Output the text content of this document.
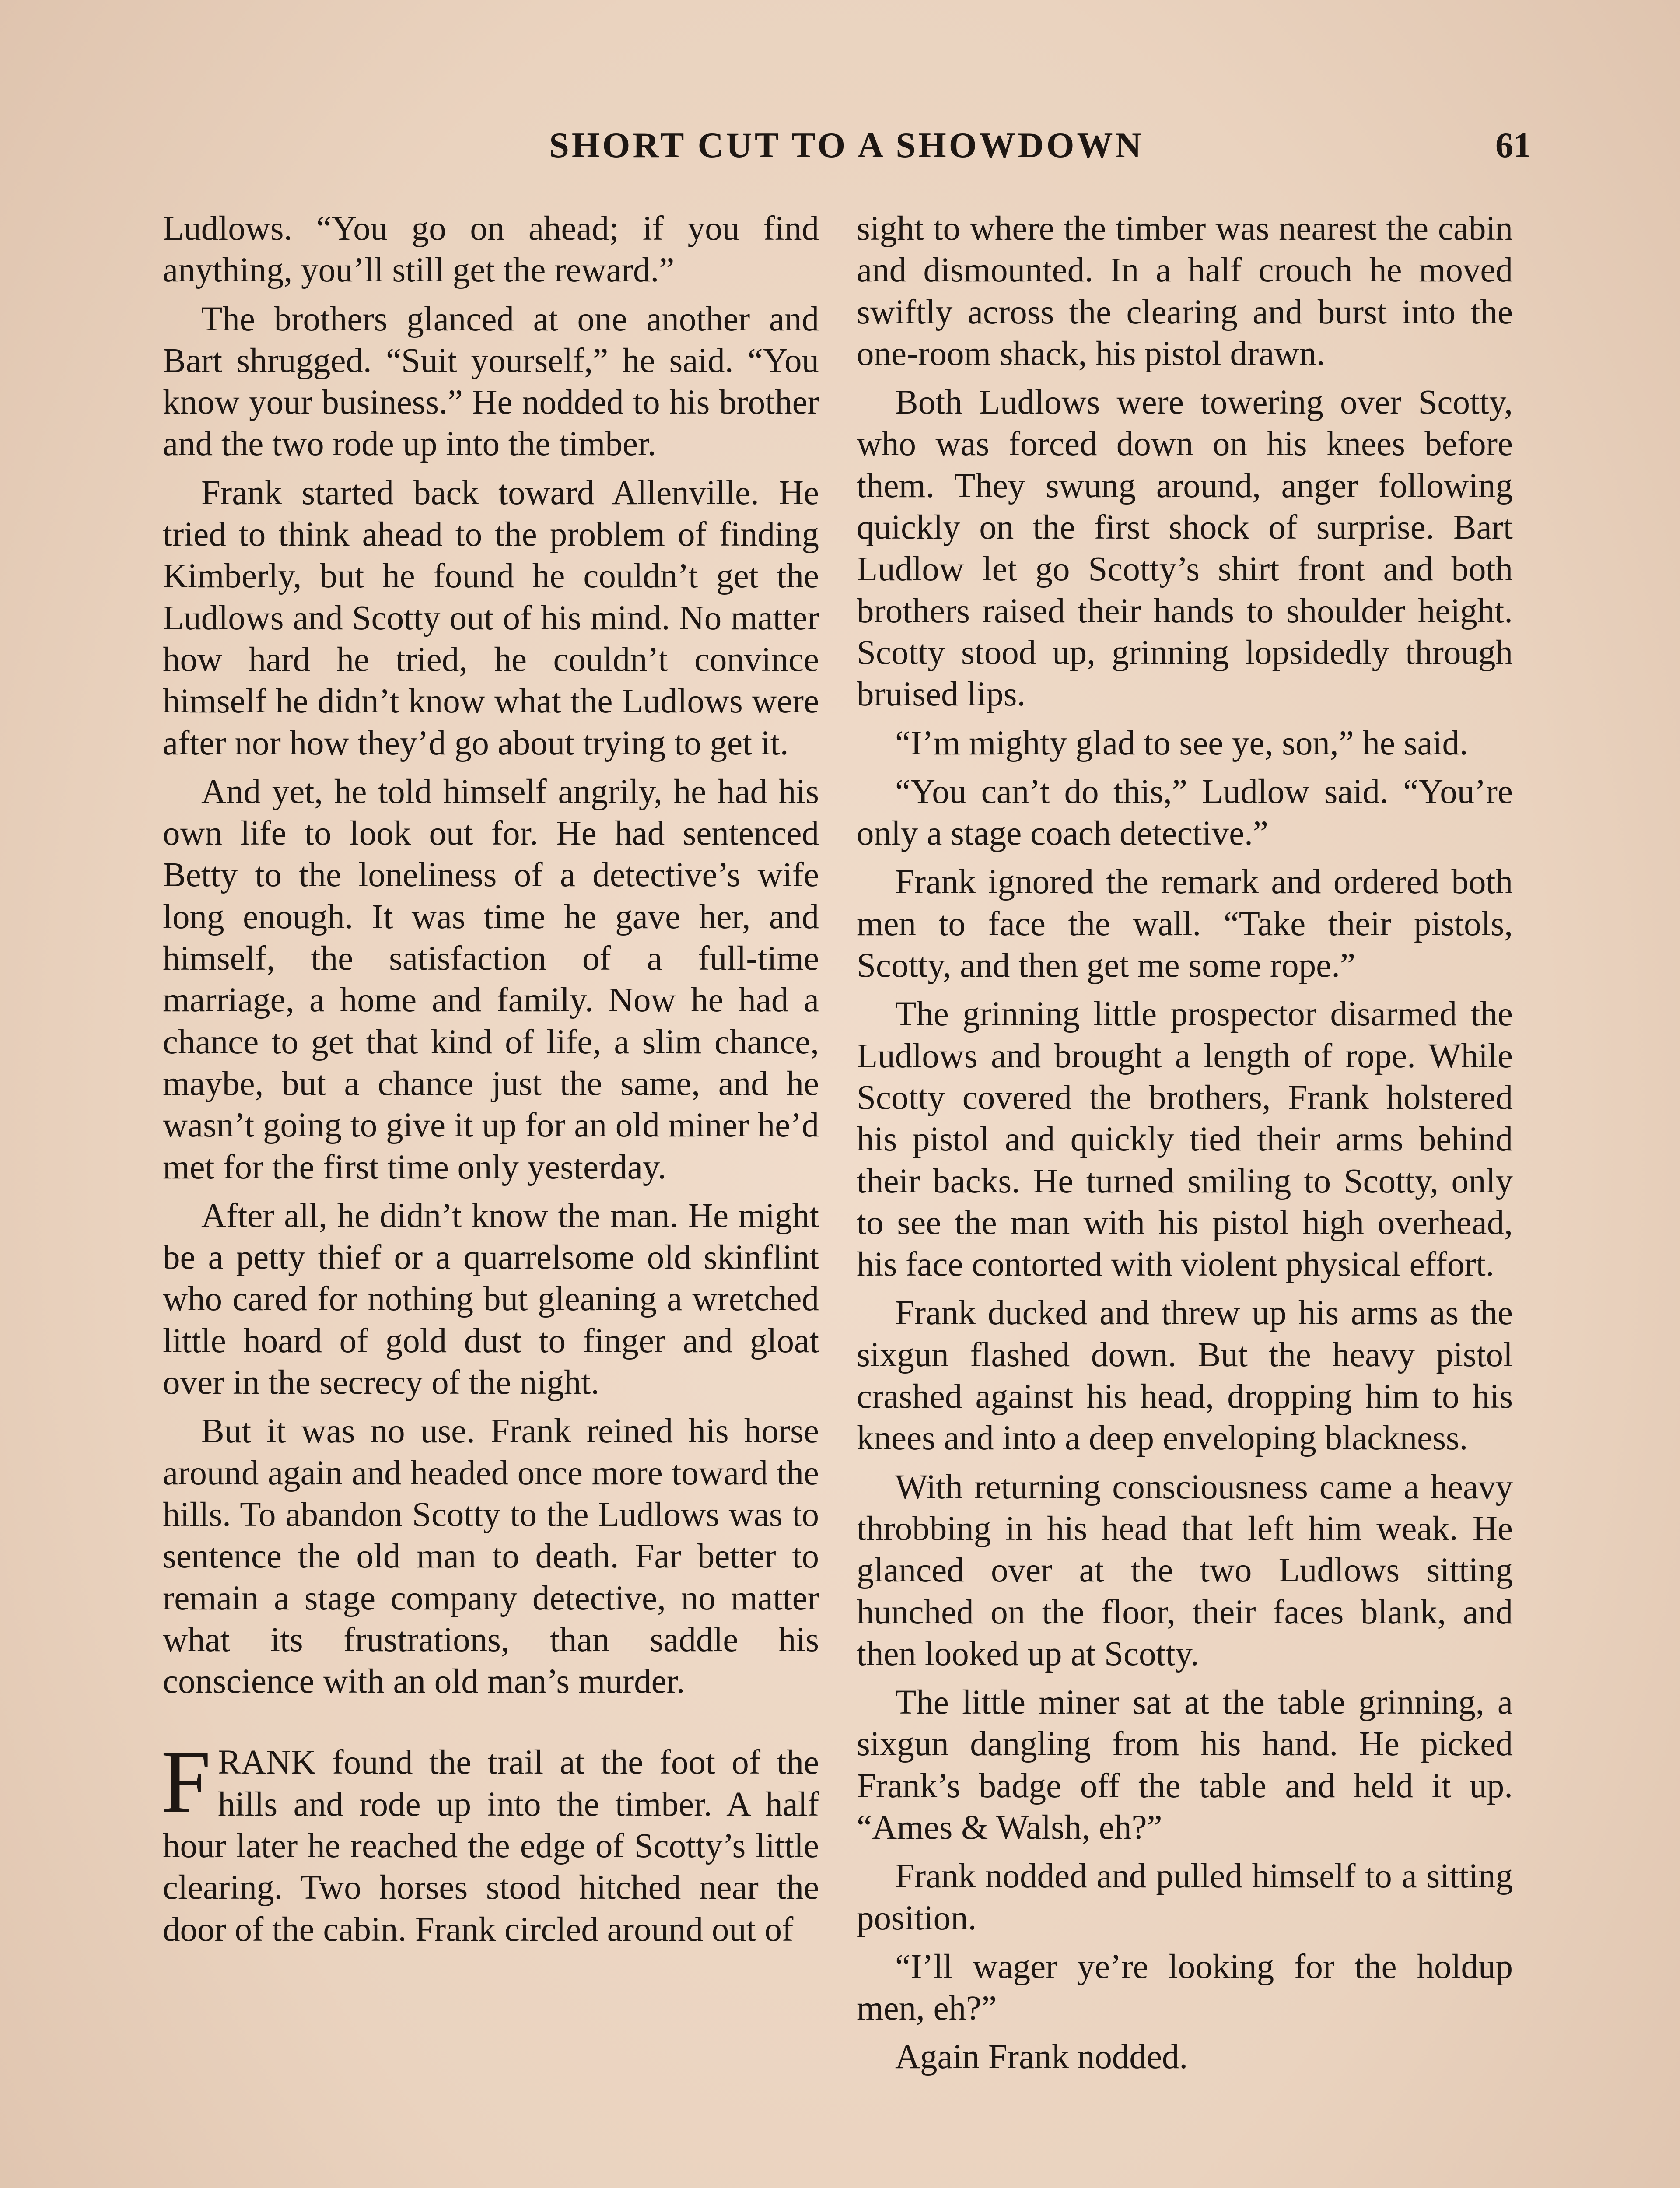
SHORT CUT TO A SHOWDOWN	61

Ludlows. “You go on ahead; if you find anything, you’ll still get the reward.”

The brothers glanced at one another and Bart shrugged. “Suit yourself,” he said. “You know your business.” He nodded to his brother and the two rode up into the timber.

Frank started back toward Allenville. He tried to think ahead to the problem of finding Kimberly, but he found he couldn’t get the Ludlows and Scotty out of his mind. No matter how hard he tried, he couldn’t convince himself he didn’t know what the Ludlows were after nor how they’d go about trying to get it.

And yet, he told himself angrily, he had his own life to look out for. He had sentenced Betty to the loneliness of a detective’s wife long enough. It was time he gave her, and himself, the satisfaction of a full-time marriage, a home and family. Now he had a chance to get that kind of life, a slim chance, maybe, but a chance just the same, and he wasn’t going to give it up for an old miner he’d met for the first time only yesterday.

After all, he didn’t know the man. He might be a petty thief or a quarrelsome old skinflint who cared for nothing but gleaning a wretched little hoard of gold dust to finger and gloat over in the secrecy of the night.

But it was no use. Frank reined his horse around again and headed once more toward the hills. To abandon Scotty to the Ludlows was to sentence the old man to death. Far better to remain a stage company detective, no matter what its frustrations, than saddle his conscience with an old man’s murder.

FRANK found the trail at the foot of the hills and rode up into the timber. A half hour later he reached the edge of Scotty’s little clearing. Two horses stood hitched near the door of the cabin. Frank circled around out of

sight to where the timber was nearest the cabin and dismounted. In a half crouch he moved swiftly across the clearing and burst into the one-room shack, his pistol drawn.

Both Ludlows were towering over Scotty, who was forced down on his knees before them. They swung around, anger following quickly on the first shock of surprise. Bart Ludlow let go Scotty’s shirt front and both brothers raised their hands to shoulder height. Scotty stood up, grinning lopsidedly through bruised lips.

“I’m mighty glad to see ye, son,” he said.

“You can’t do this,” Ludlow said. “You’re only a stage coach detective.”

Frank ignored the remark and ordered both men to face the wall. “Take their pistols, Scotty, and then get me some rope.”

The grinning little prospector disarmed the Ludlows and brought a length of rope. While Scotty covered the brothers, Frank holstered his pistol and quickly tied their arms behind their backs. He turned smiling to Scotty, only to see the man with his pistol high overhead, his face contorted with violent physical effort.

Frank ducked and threw up his arms as the sixgun flashed down. But the heavy pistol crashed against his head, dropping him to his knees and into a deep enveloping blackness.

With returning consciousness came a heavy throbbing in his head that left him weak. He glanced over at the two Ludlows sitting hunched on the floor, their faces blank, and then looked up at Scotty.

The little miner sat at the table grinning, a sixgun dangling from his hand. He picked Frank’s badge off the table and held it up. “Ames & Walsh, eh?”

Frank nodded and pulled himself to a sitting position.

“I’ll wager ye’re looking for the holdup men, eh?”

Again Frank nodded.
